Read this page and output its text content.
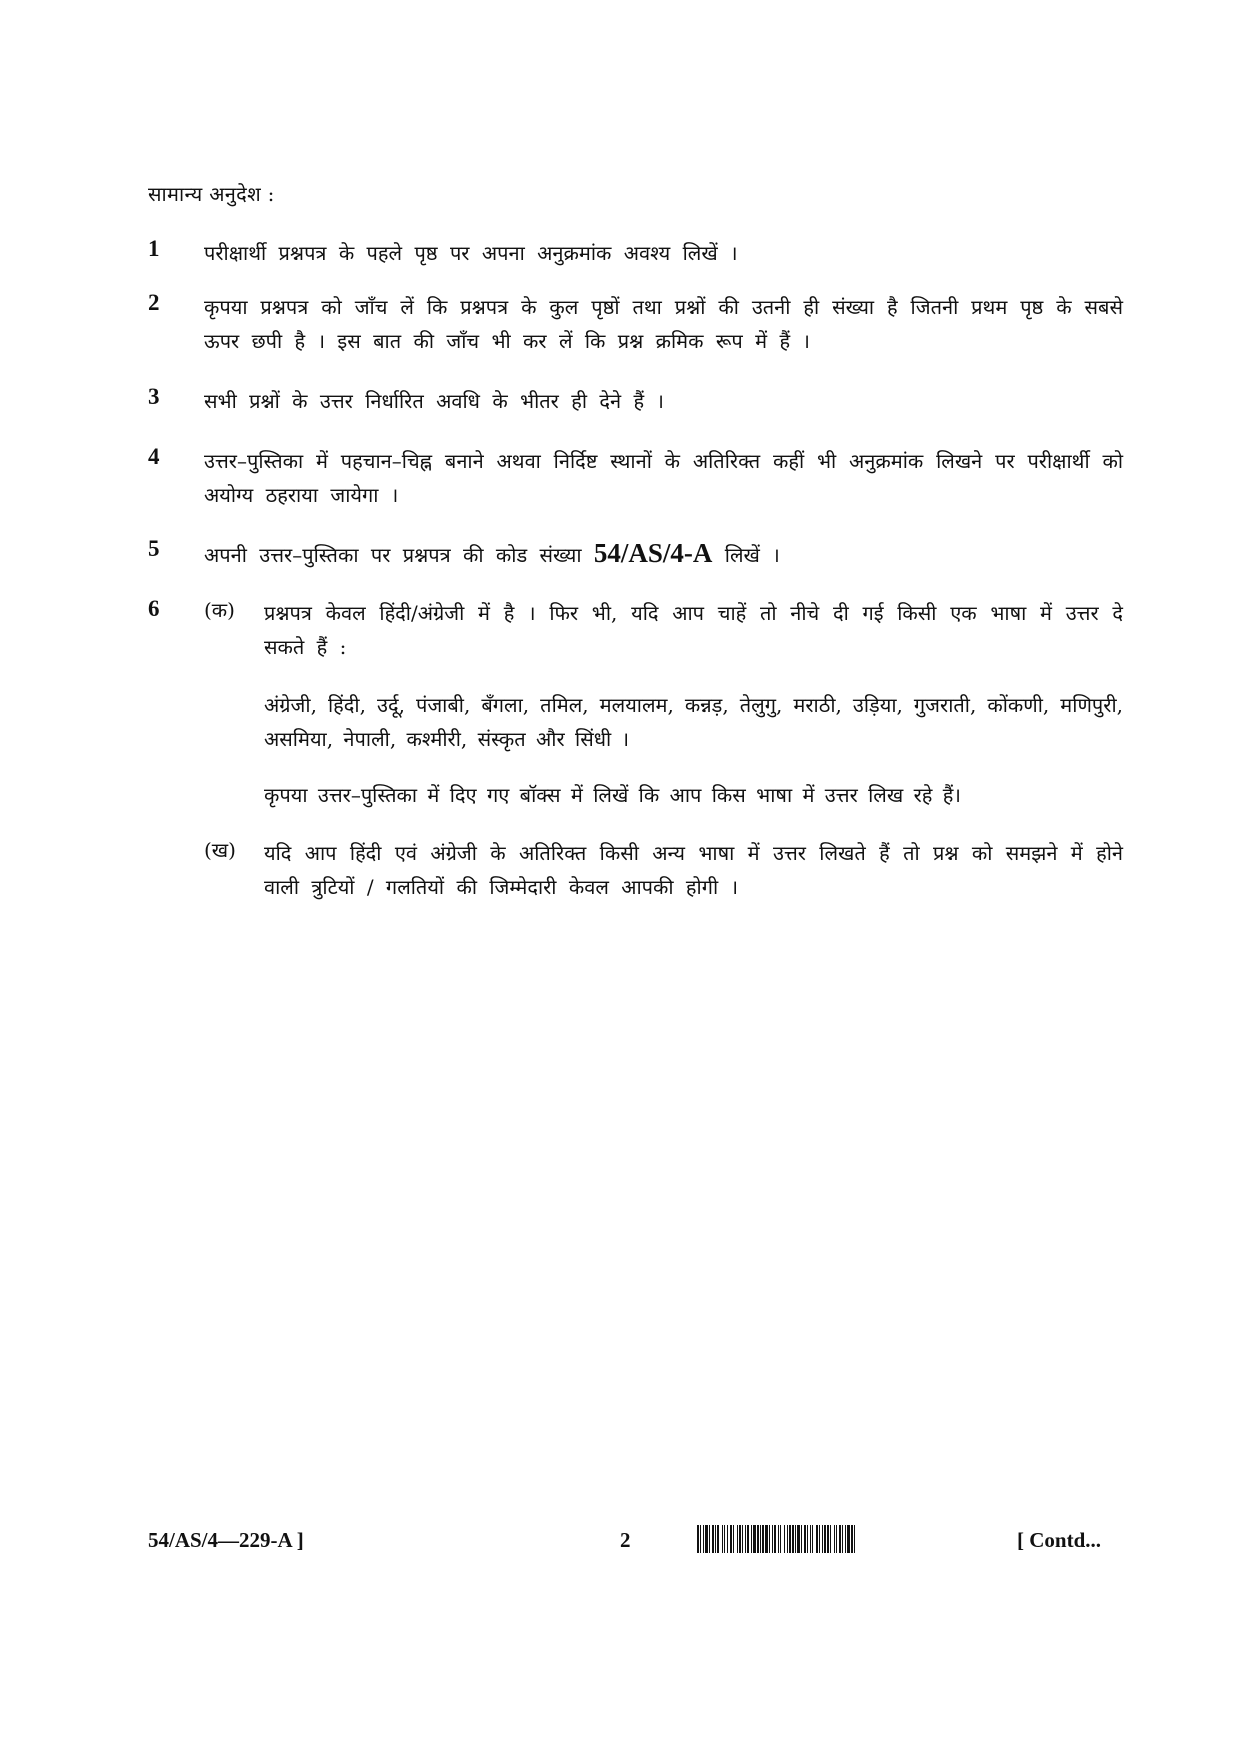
सामान्य अनुदेश :
1 परीक्षार्थी प्रश्नपत्र के पहले पृष्ठ पर अपना अनुक्रमांक अवश्य लिखें ।
2 कृपया प्रश्नपत्र को जाँच लें कि प्रश्नपत्र के कुल पृष्ठों तथा प्रश्नों की उतनी ही संख्या है जितनी प्रथम पृष्ठ के सबसे ऊपर छपी है । इस बात की जाँच भी कर लें कि प्रश्न क्रमिक रूप में हैं ।
3 सभी प्रश्नों के उत्तर निर्धारित अवधि के भीतर ही देने हैं ।
4 उत्तर–पुस्तिका में पहचान–चिह्न बनाने अथवा निर्दिष्ट स्थानों के अतिरिक्त कहीं भी अनुक्रमांक लिखने पर परीक्षार्थी को अयोग्य ठहराया जायेगा ।
5 अपनी उत्तर–पुस्तिका पर प्रश्नपत्र की कोड संख्या 54/AS/4-A लिखें ।
6 (क) प्रश्नपत्र केवल हिंदी/अंग्रेजी में है । फिर भी, यदि आप चाहें तो नीचे दी गई किसी एक भाषा में उत्तर दे सकते हैं :
अंग्रेजी, हिंदी, उर्दू, पंजाबी, बँगला, तमिल, मलयालम, कन्नड़, तेलुगु, मराठी, उड़िया, गुजराती, कोंकणी, मणिपुरी, असमिया, नेपाली, कश्मीरी, संस्कृत और सिंधी ।
कृपया उत्तर–पुस्तिका में दिए गए बॉक्स में लिखें कि आप किस भाषा में उत्तर लिख रहे हैं।
(ख) यदि आप हिंदी एवं अंग्रेजी के अतिरिक्त किसी अन्य भाषा में उत्तर लिखते हैं तो प्रश्न को समझने में होने वाली त्रुटियों / गलतियों की जिम्मेदारी केवल आपकी होगी ।
54/AS/4—229-A ]	2	[ Contd...
